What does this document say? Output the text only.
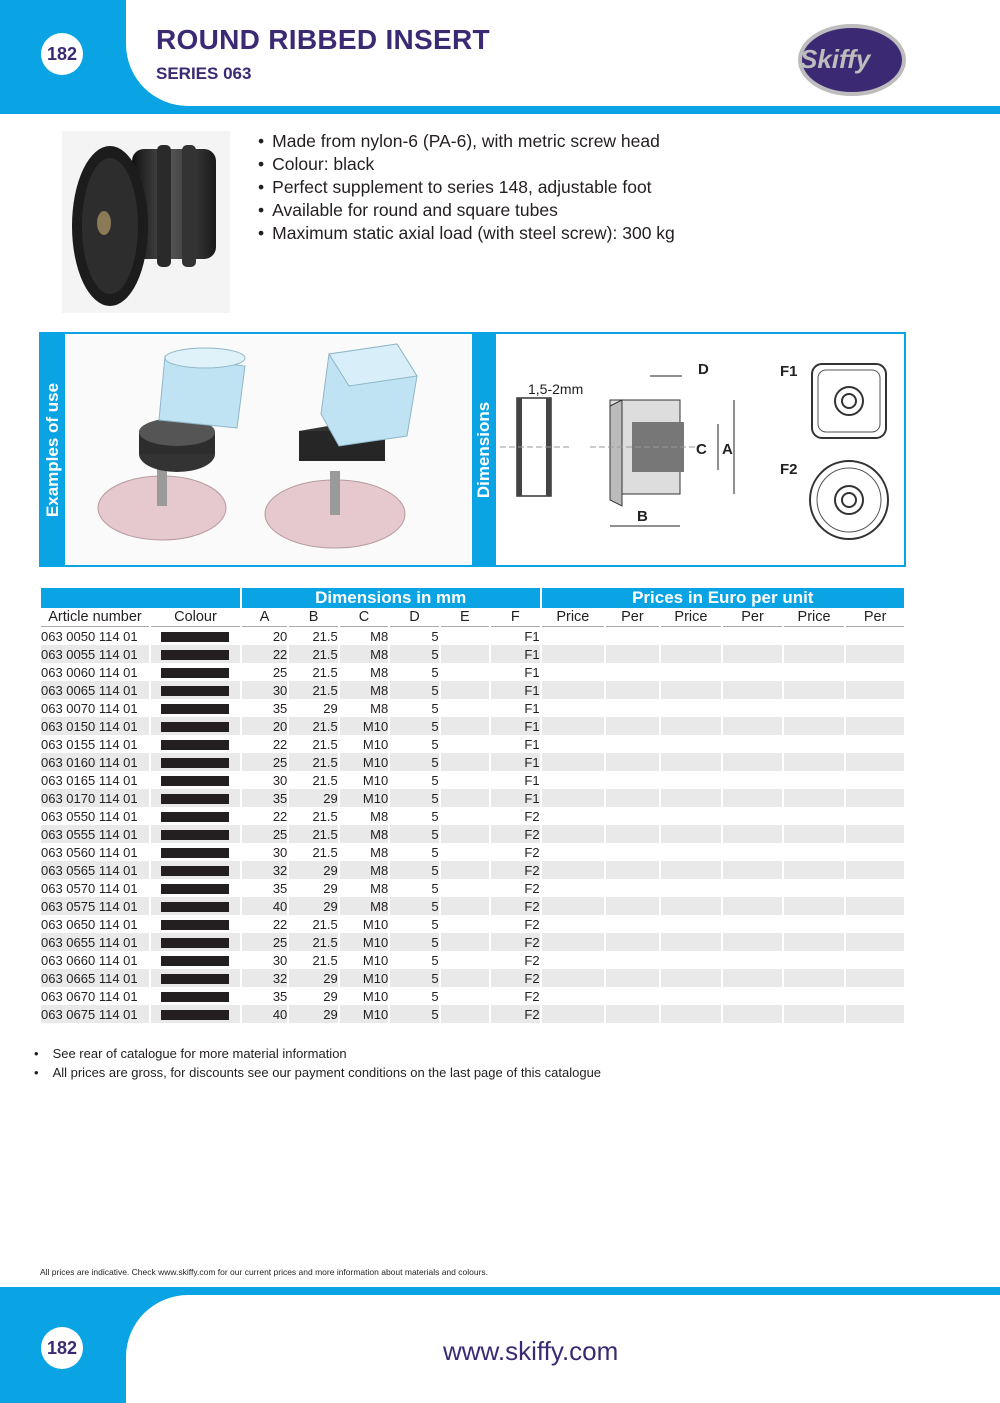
182	ROUND RIBBED INSERT
SERIES 063	Skiffy
• Made from nylon-6 (PA-6), with metric screw head
• Colour: black
• Perfect supplement to series 148, adjustable foot
• Available for round and square tubes
• Maximum static axial load (with steel screw): 300 kg
Examples of use	Dimensions
1,5-2mm
D
C A
B
F1
F2
		Dimensions in mm						Prices in Euro per unit					
Article number	Colour	A	B	C	D	E	F	Price	Per	Price	Per	Price	Per
063 0050 114 01		20	21.5	M8	5		F1						
063 0055 114 01		22	21.5	M8	5		F1						
063 0060 114 01		25	21.5	M8	5		F1						
063 0065 114 01		30	21.5	M8	5		F1						
063 0070 114 01		35	29	M8	5		F1						
063 0150 114 01		20	21.5	M10	5		F1						
063 0155 114 01		22	21.5	M10	5		F1						
063 0160 114 01		25	21.5	M10	5		F1						
063 0165 114 01		30	21.5	M10	5		F1						
063 0170 114 01		35	29	M10	5		F1						
063 0550 114 01		22	21.5	M8	5		F2						
063 0555 114 01		25	21.5	M8	5		F2						
063 0560 114 01		30	21.5	M8	5		F2						
063 0565 114 01		32	29	M8	5		F2						
063 0570 114 01		35	29	M8	5		F2						
063 0575 114 01		40	29	M8	5		F2						
063 0650 114 01		22	21.5	M10	5		F2						
063 0655 114 01		25	21.5	M10	5		F2						
063 0660 114 01		30	21.5	M10	5		F2						
063 0665 114 01		32	29	M10	5		F2						
063 0670 114 01		35	29	M10	5		F2						
063 0675 114 01		40	29	M10	5		F2						
• See rear of catalogue for more material information
• All prices are gross, for discounts see our payment conditions on the last page of this catalogue
All prices are indicative. Check www.skiffy.com for our current prices and more information about materials and colours.
182	www.skiffy.com
